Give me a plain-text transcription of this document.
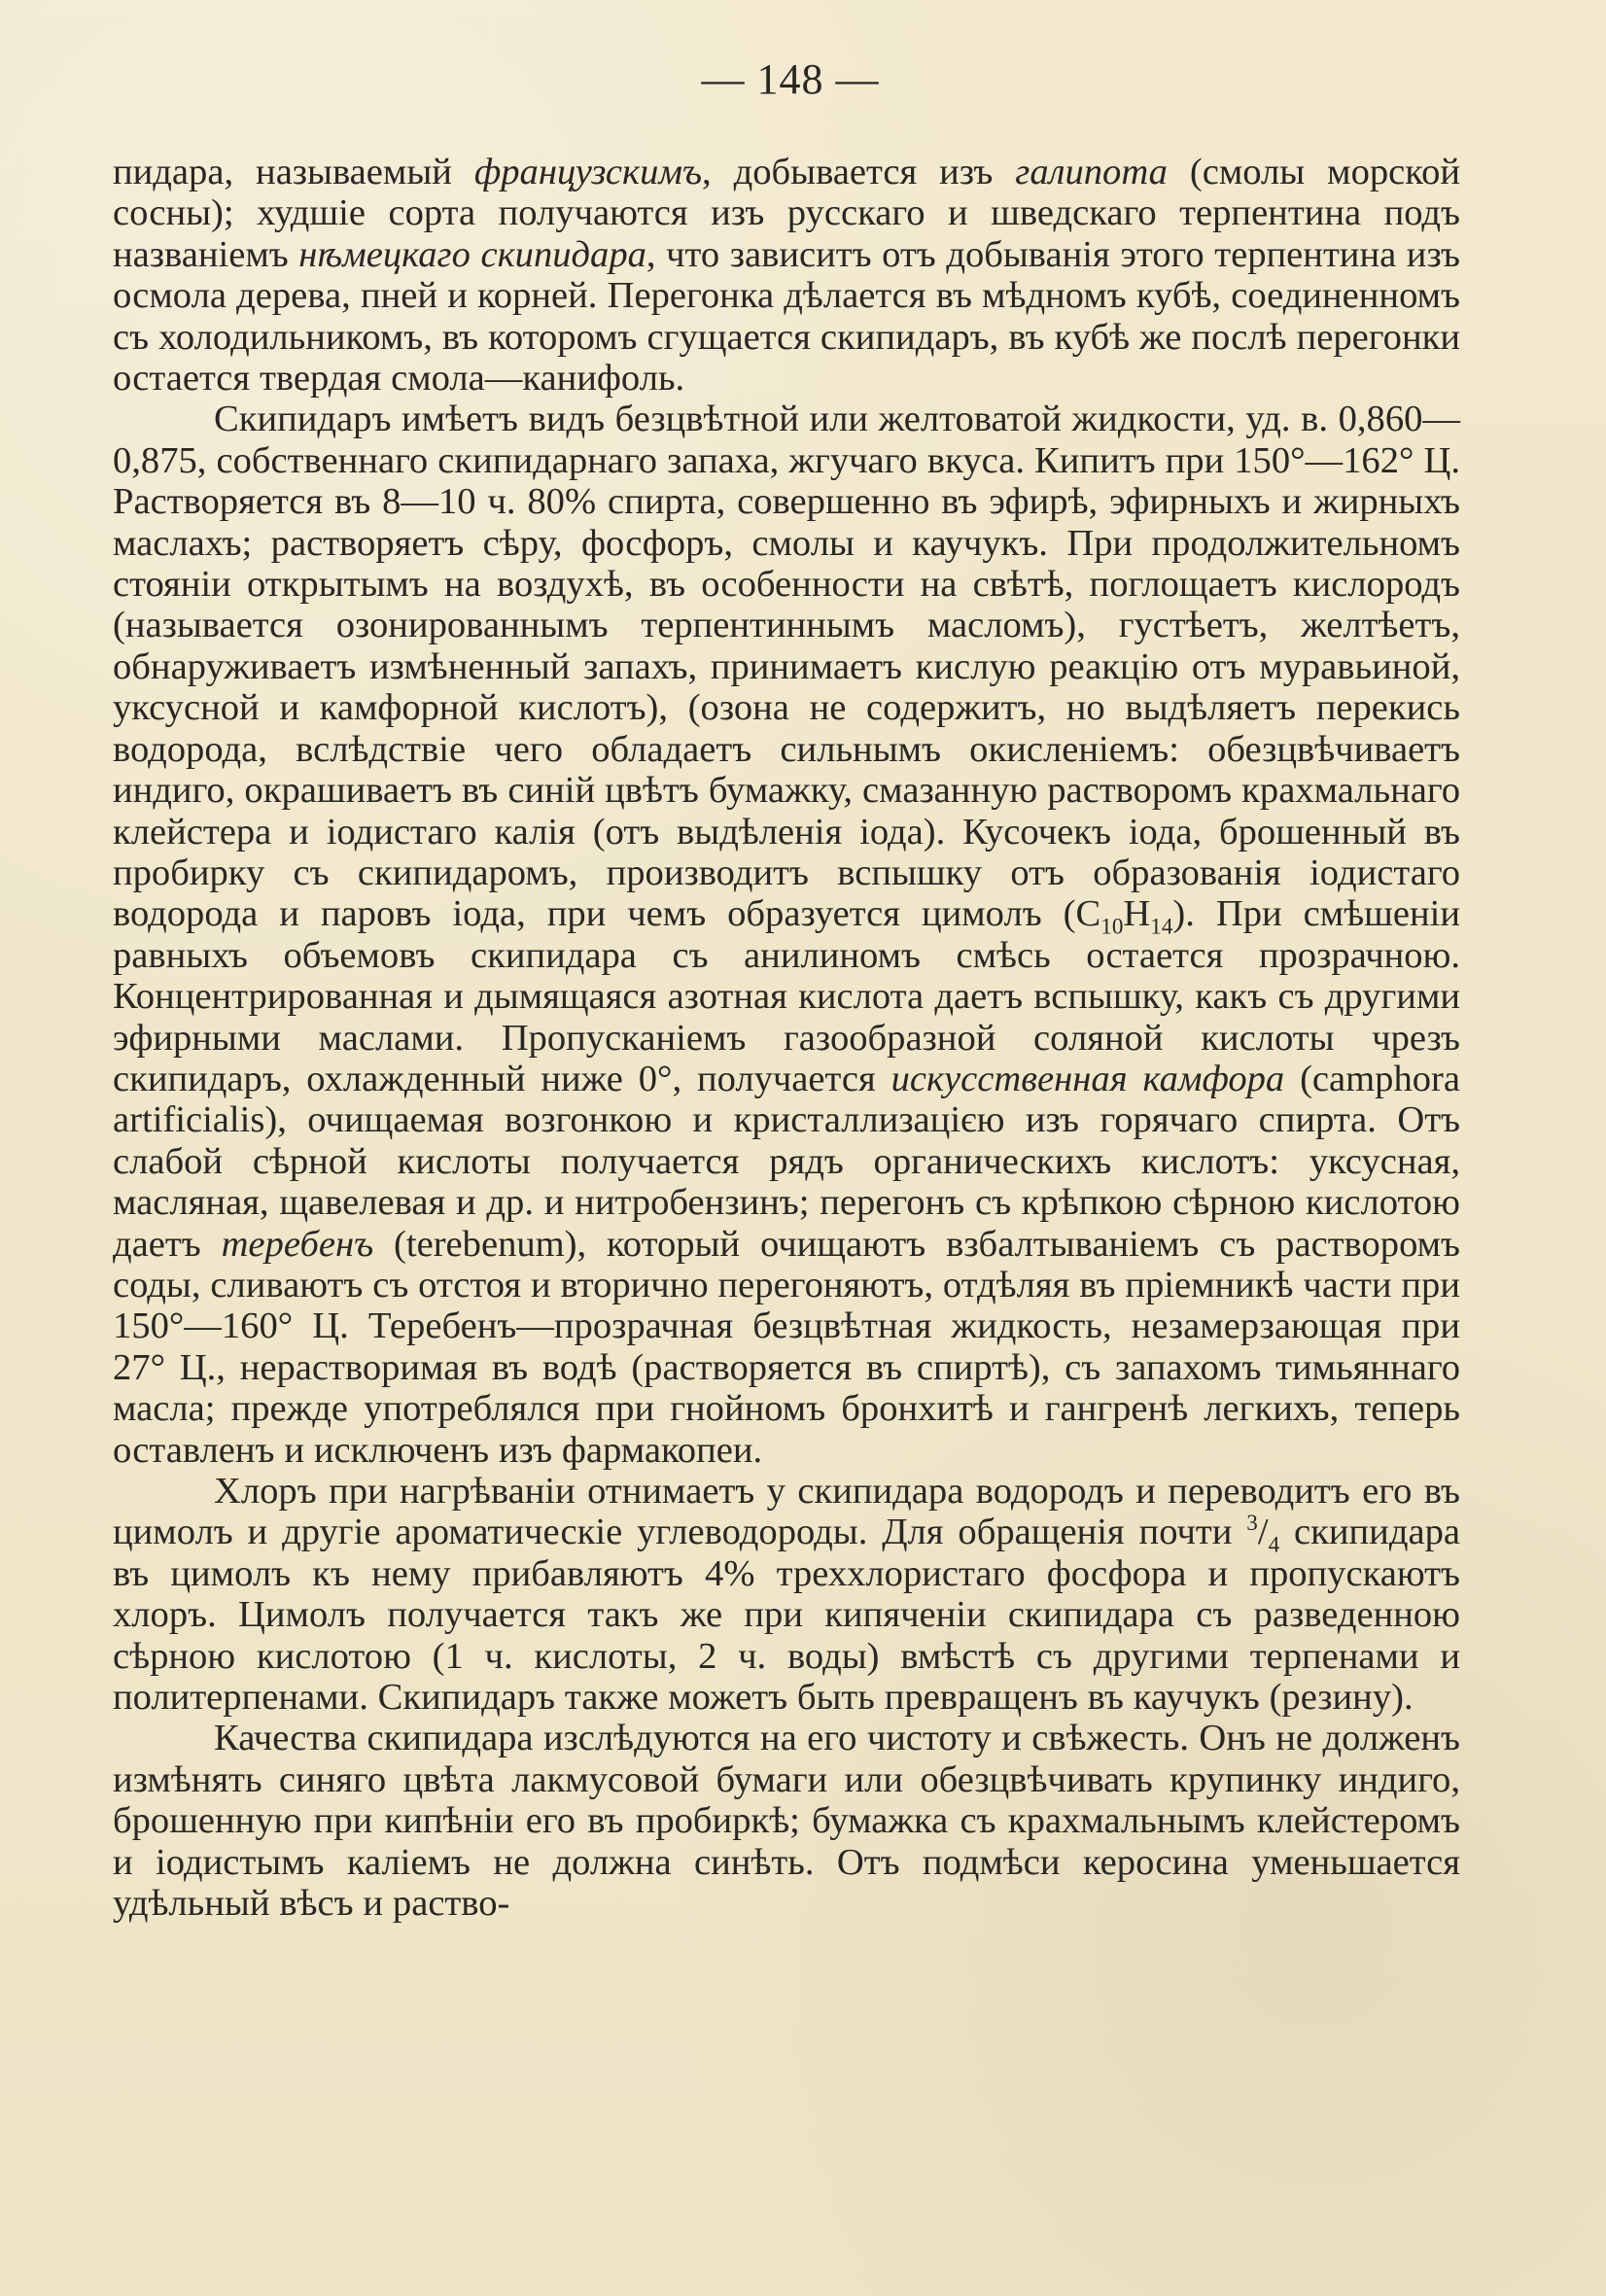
— 148 —

пидара, называемый французскимъ, добывается изъ галипота (смолы морской сосны); худшіе сорта получаются изъ русскаго и шведскаго терпентина подъ названіемъ нѣмецкаго скипидара, что зависитъ отъ добыванія этого терпентина изъ осмола дерева, пней и корней. Перегонка дѣлается въ мѣдномъ кубѣ, соединенномъ съ холодильникомъ, въ которомъ сгущается скипидаръ, въ кубѣ же послѣ перегонки остается твердая смола—канифоль.

Скипидаръ имѣетъ видъ безцвѣтной или желтоватой жидкости, уд. в. 0,860—0,875, собственнаго скипидарнаго запаха, жгучаго вкуса. Кипитъ при 150°—162° Ц. Растворяется въ 8—10 ч. 80% спирта, совершенно въ эфирѣ, эфирныхъ и жирныхъ маслахъ; растворяетъ сѣру, фосфоръ, смолы и каучукъ. При продолжительномъ стояніи открытымъ на воздухѣ, въ особенности на свѣтѣ, поглощаетъ кислородъ (называется озонированнымъ терпентиннымъ масломъ), густѣетъ, желтѣетъ, обнаруживаетъ измѣненный запахъ, принимаетъ кислую реакцію отъ муравьиной, уксусной и камфорной кислотъ), (озона не содержитъ, но выдѣляетъ перекись водорода, вслѣдствіе чего обладаетъ сильнымъ окисленіемъ: обезцвѣчиваетъ индиго, окрашиваетъ въ синій цвѣтъ бумажку, смазанную растворомъ крахмальнаго клейстера и іодистаго калія (отъ выдѣленія іода). Кусочекъ іода, брошенный въ пробирку съ скипидаромъ, производитъ вспышку отъ образованія іодистаго водорода и паровъ іода, при чемъ образуется цимолъ $(C_{10}H_{14})$. При смѣшеніи равныхъ объемовъ скипидара съ анилиномъ смѣсь остается прозрачною. Концентрированная и дымящаяся азотная кислота даетъ вспышку, какъ съ другими эфирными маслами. Пропусканіемъ газообразной соляной кислоты чрезъ скипидаръ, охлажденный ниже 0°, получается искусственная камфора (camphora artificialis), очищаемая возгонкою и кристаллизацією изъ горячаго спирта. Отъ слабой сѣрной кислоты получается рядъ органическихъ кислотъ: уксусная, масляная, щавелевая и др. и нитробензинъ; перегонъ съ крѣпкою сѣрною кислотою даетъ теребенъ (terebenum), который очищаютъ взбалтываніемъ съ растворомъ соды, сливаютъ съ отстоя и вторично перегоняютъ, отдѣляя въ пріемникѣ части при 150°—160° Ц. Теребенъ—прозрачная безцвѣтная жидкость, незамерзающая при 27° Ц., нерастворимая въ водѣ (растворяется въ спиртѣ), съ запахомъ тимьяннаго масла; прежде употреблялся при гнойномъ бронхитѣ и гангренѣ легкихъ, теперь оставленъ и исключенъ изъ фармакопеи.

Хлоръ при нагрѣваніи отнимаетъ у скипидара водородъ и переводитъ его въ цимолъ и другіе ароматическіе углеводороды. Для обращенія почти $^3/_4$ скипидара въ цимолъ къ нему прибавляютъ 4% треххлористаго фосфора и пропускаютъ хлоръ. Цимолъ получается такъ же при кипяченіи скипидара съ разведенною сѣрною кислотою (1 ч. кислоты, 2 ч. воды) вмѣстѣ съ другими терпенами и политерпенами. Скипидаръ также можетъ быть превращенъ въ каучукъ (резину).

Качества скипидара изслѣдуются на его чистоту и свѣжесть. Онъ не долженъ измѣнять синяго цвѣта лакмусовой бумаги или обезцвѣчивать крупинку индиго, брошенную при кипѣніи его въ пробиркѣ; бумажка съ крахмальнымъ клейстеромъ и іодистымъ каліемъ не должна синѣть. Отъ подмѣси керосина уменьшается удѣльный вѣсъ и раство-
